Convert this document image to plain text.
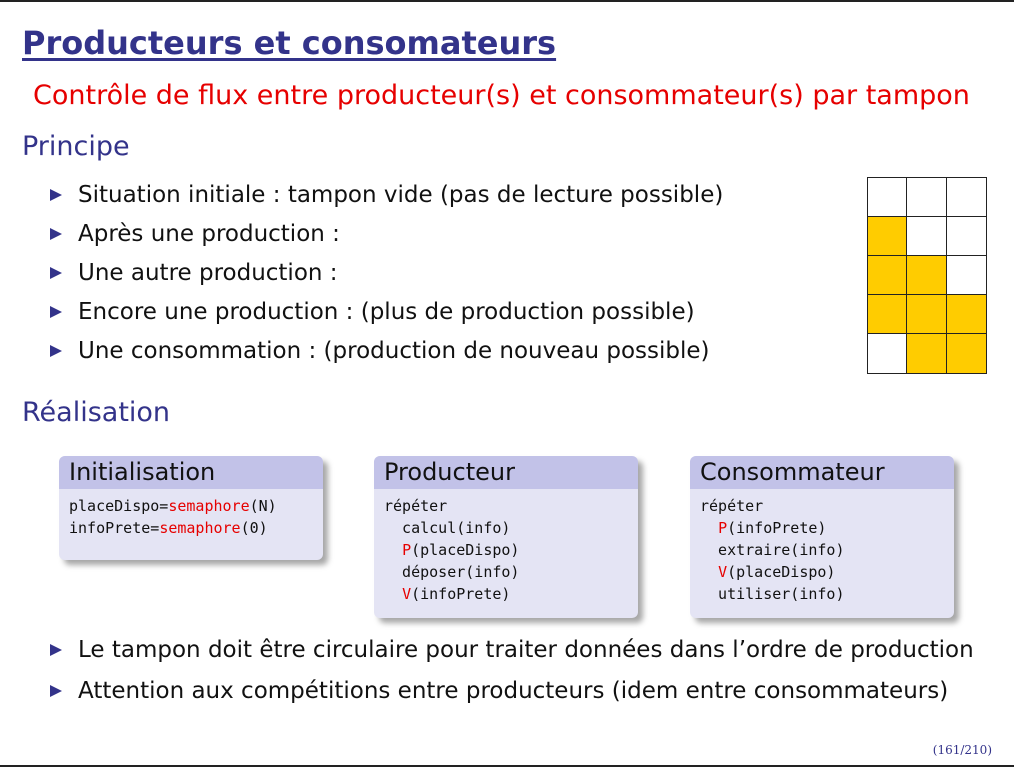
Producteurs et consomateurs
Contrôle de flux entre producteur(s) et consommateur(s) par tampon
Principe
Situation initiale : tampon vide (pas de lecture possible)
Après une production :
Une autre production :
Encore une production : (plus de production possible)
Une consommation : (production de nouveau possible)
Réalisation
Initialisation
placeDispo=semaphore(N)
infoPrete=semaphore(0)
Producteur
répéter
calcul(info)
P(placeDispo)
déposer(info)
V(infoPrete)
Consommateur
répéter
P(infoPrete)
extraire(info)
V(placeDispo)
utiliser(info)
Le tampon doit être circulaire pour traiter données dans l’ordre de production
Attention aux compétitions entre producteurs (idem entre consommateurs)
(161/210)
